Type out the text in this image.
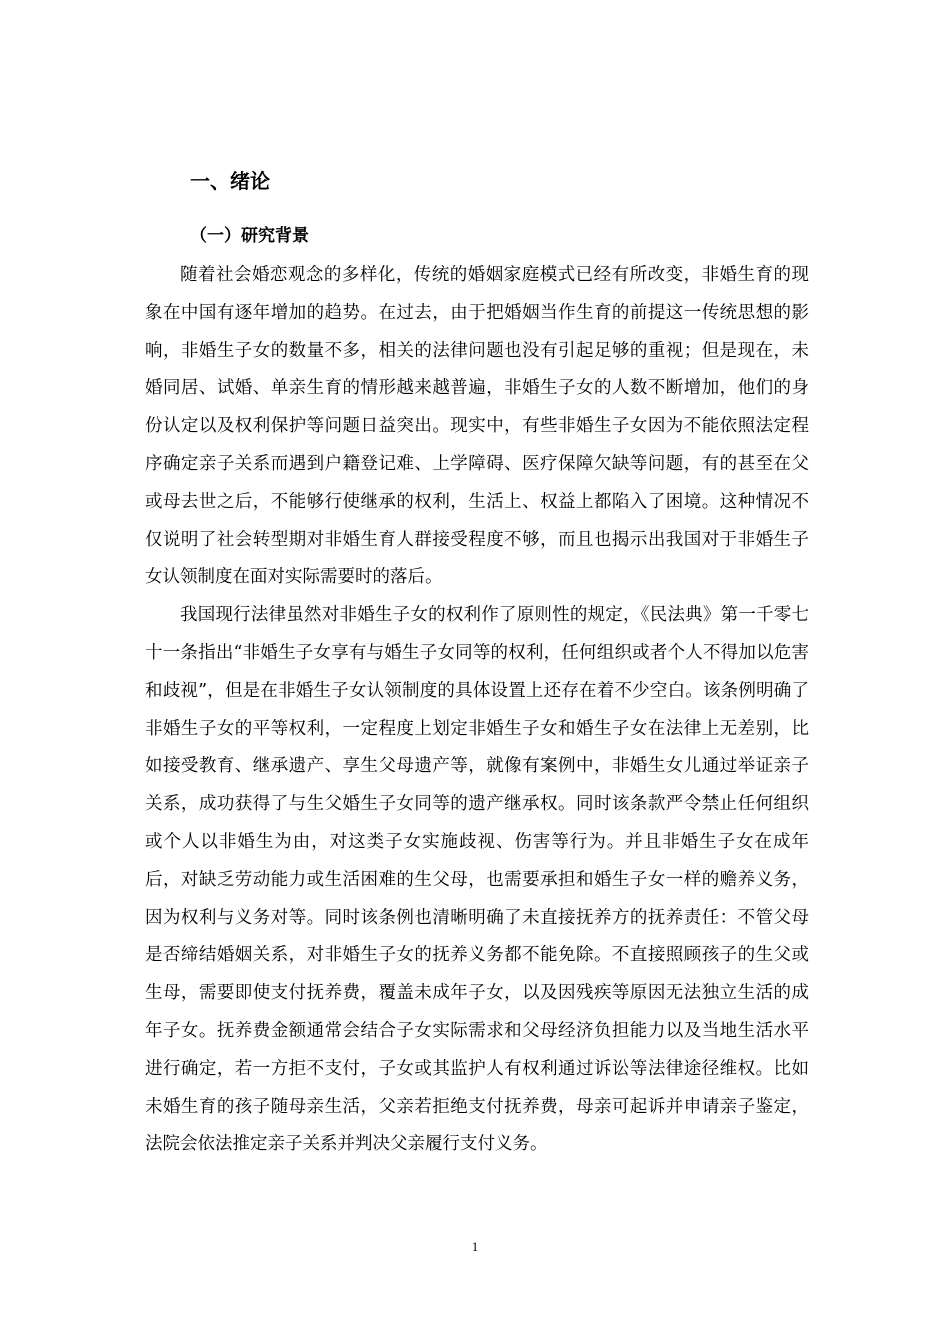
一、绪论
（一）研究背景

随着社会婚恋观念的多样化，传统的婚姻家庭模式已经有所改变，非婚生育的现象在中国有逐年增加的趋势。在过去，由于把婚姻当作生育的前提这一传统思想的影响，非婚生子女的数量不多，相关的法律问题也没有引起足够的重视；但是现在，未婚同居、试婚、单亲生育的情形越来越普遍，非婚生子女的人数不断增加，他们的身份认定以及权利保护等问题日益突出。现实中，有些非婚生子女因为不能依照法定程序确定亲子关系而遇到户籍登记难、上学障碍、医疗保障欠缺等问题，有的甚至在父或母去世之后，不能够行使继承的权利，生活上、权益上都陷入了困境。这种情况不仅说明了社会转型期对非婚生育人群接受程度不够，而且也揭示出我国对于非婚生子女认领制度在面对实际需要时的落后。

我国现行法律虽然对非婚生子女的权利作了原则性的规定，《民法典》第一千零七十一条指出“非婚生子女享有与婚生子女同等的权利，任何组织或者个人不得加以危害和歧视”，但是在非婚生子女认领制度的具体设置上还存在着不少空白。该条例明确了非婚生子女的平等权利，一定程度上划定非婚生子女和婚生子女在法律上无差别，比如接受教育、继承遗产、享生父母遗产等，就像有案例中，非婚生女儿通过举证亲子关系，成功获得了与生父婚生子女同等的遗产继承权。同时该条款严令禁止任何组织或个人以非婚生为由，对这类子女实施歧视、伤害等行为。并且非婚生子女在成年后，对缺乏劳动能力或生活困难的生父母，也需要承担和婚生子女一样的赡养义务，因为权利与义务对等。同时该条例也清晰明确了未直接抚养方的抚养责任：不管父母是否缔结婚姻关系，对非婚生子女的抚养义务都不能免除。不直接照顾孩子的生父或生母，需要即使支付抚养费，覆盖未成年子女，以及因残疾等原因无法独立生活的成年子女。抚养费金额通常会结合子女实际需求和父母经济负担能力以及当地生活水平进行确定，若一方拒不支付，子女或其监护人有权利通过诉讼等法律途径维权。比如未婚生育的孩子随母亲生活，父亲若拒绝支付抚养费，母亲可起诉并申请亲子鉴定，法院会依法推定亲子关系并判决父亲履行支付义务。

1
